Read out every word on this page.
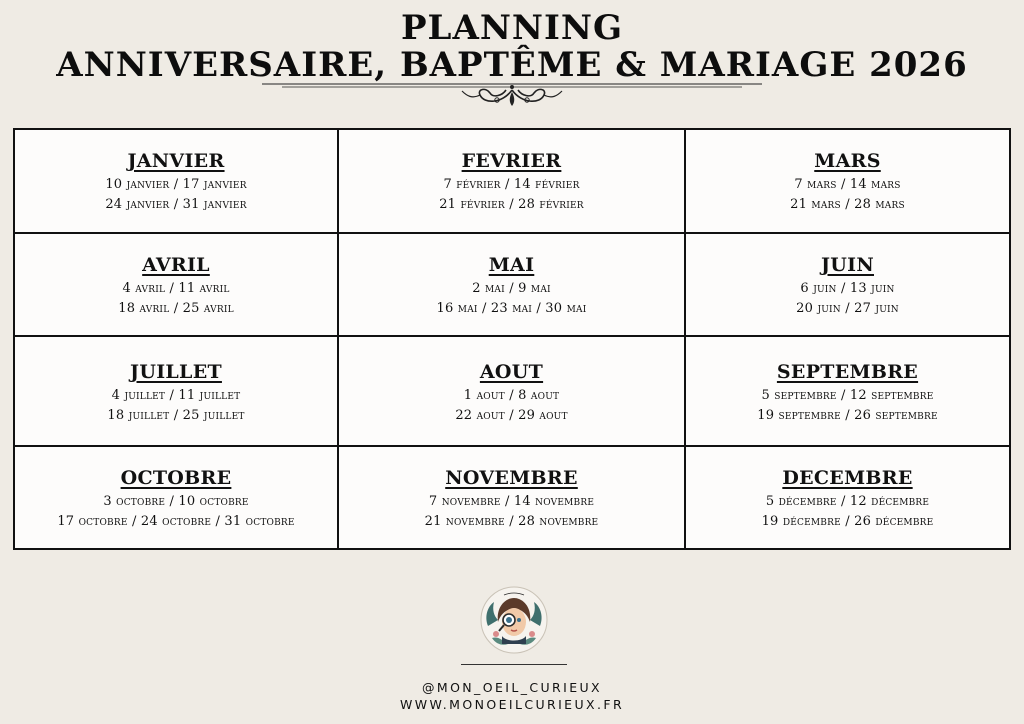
PLANNING
ANNIVERSAIRE, BAPTÊME & MARIAGE 2026
JANVIER
10 janvier / 17 janvier
24 janvier / 31 janvier
FEVRIER
7 février / 14 février
21 février / 28 février
MARS
7 mars / 14 mars
21 mars / 28 mars
AVRIL
4 avril / 11 avril
18 avril / 25 avril
MAI
2 mai / 9 mai
16 mai / 23 mai / 30 mai
JUIN
6 juin / 13 juin
20 juin / 27 juin
JUILLET
4 juillet / 11 juillet
18 juillet / 25 juillet
AOUT
1 aout / 8 aout
22 aout / 29 aout
SEPTEMBRE
5 septembre / 12 septembre
19 septembre / 26 septembre
OCTOBRE
3 octobre / 10 octobre
17 octobre / 24 octobre / 31 octobre
NOVEMBRE
7 novembre / 14 novembre
21 novembre / 28 novembre
DECEMBRE
5 décembre / 12 décembre
19 décembre / 26 décembre
@MON_OEIL_CURIEUX
WWW.MONOEILCURIEUX.FR
